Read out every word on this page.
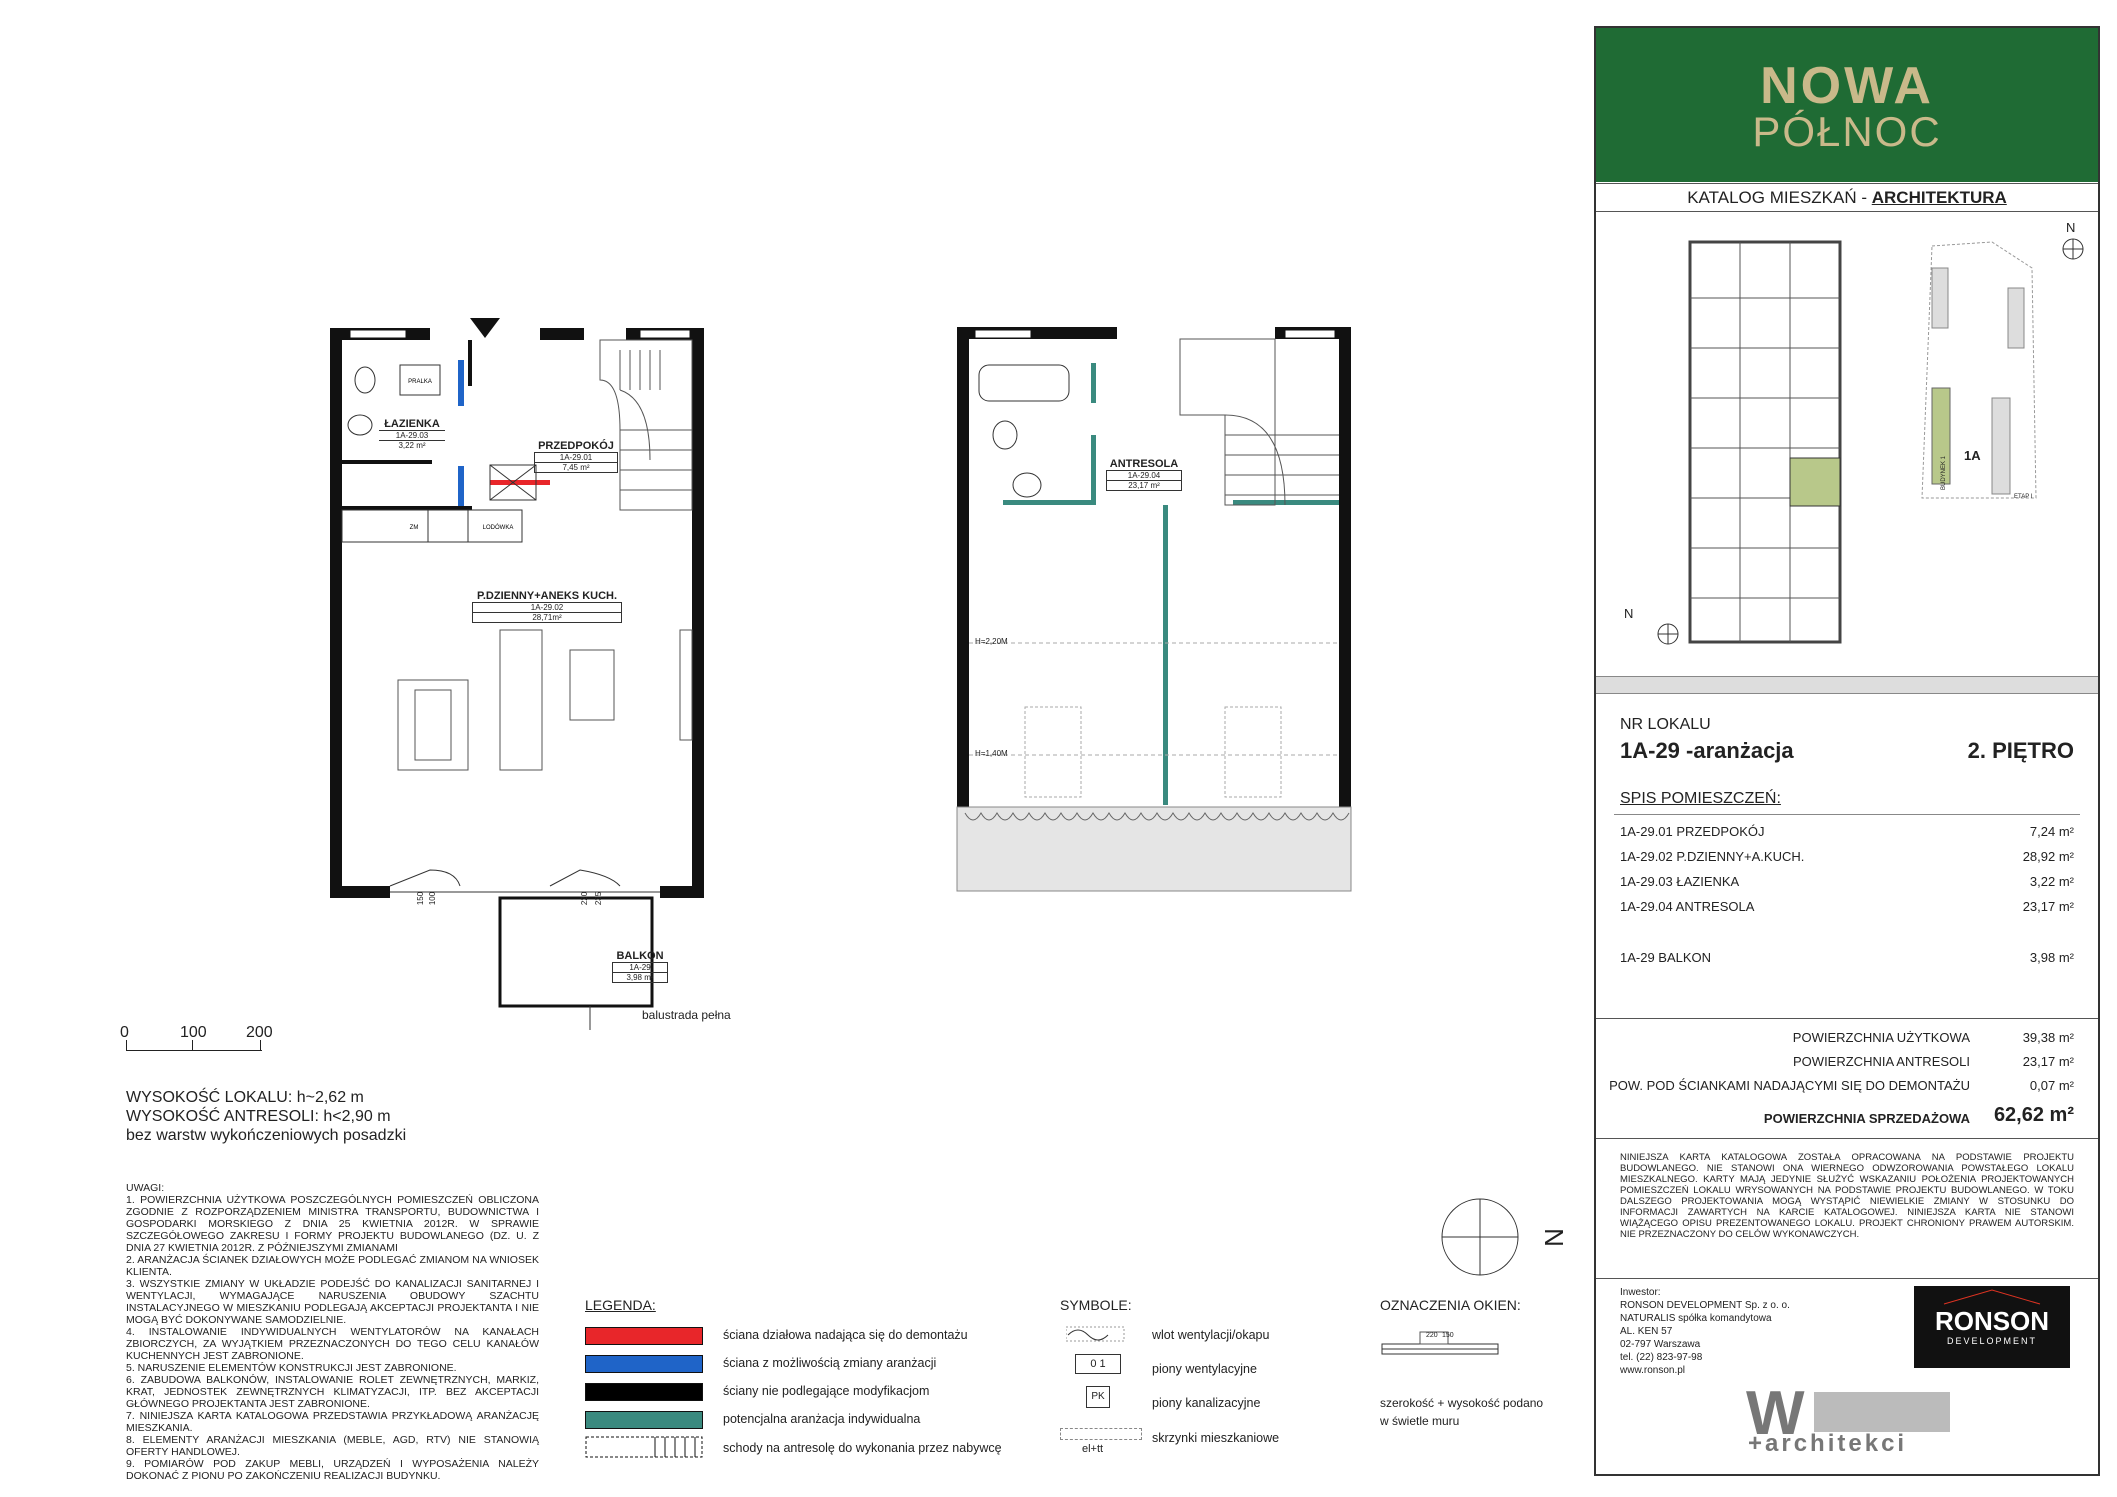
PRALKA
ZM	LODÓWKA
ŁAZIENKA
1A-29.03
3,22 m²	PRZEDPOKÓJ
1A-29.01
7,45 m²
P.DZIENNY+ANEKS KUCH.
1A-29.02
28,71m²
BALKON
1A-29
3,98 m²
150 100	220 235
balustrada pełna
ANTRESOLA
1A-29.04
23,17 m²
H=2,20M
H=1,40M
0	100 200
WYSOKOŚĆ LOKALU: h~2,62 m
WYSOKOŚĆ ANTRESOLI: h<2,90 m
bez warstw wykończeniowych posadzki
UWAGI:
1. POWIERZCHNIA UŻYTKOWA POSZCZEGÓLNYCH POMIESZCZEŃ OBLICZONA ZGODNIE Z ROZPORZĄDZENIEM MINISTRA TRANSPORTU, BUDOWNICTWA I GOSPODARKI MORSKIEGO Z DNIA 25 KWIETNIA 2012R. W SPRAWIE SZCZEGÓŁOWEGO ZAKRESU I FORMY PROJEKTU BUDOWLANEGO (DZ. U. Z DNIA 27 KWIETNIA 2012R. Z PÓŹNIEJSZYMI ZMIANAMI
2. ARANŻACJA ŚCIANEK DZIAŁOWYCH MOŻE PODLEGAĆ ZMIANOM NA WNIOSEK KLIENTA.
3. WSZYSTKIE ZMIANY W UKŁADZIE PODEJŚĆ DO KANALIZACJI SANITARNEJ I WENTYLACJI, WYMAGAJĄCE NARUSZENIA OBUDOWY SZACHTU INSTALACYJNEGO W MIESZKANIU PODLEGAJĄ AKCEPTACJI PROJEKTANTA I NIE MOGĄ BYĆ DOKONYWANE SAMODZIELNIE.
4. INSTALOWANIE INDYWIDUALNYCH WENTYLATORÓW NA KANAŁACH ZBIORCZYCH, ZA WYJĄTKIEM PRZEZNACZONYCH DO TEGO CELU KANAŁÓW KUCHENNYCH JEST ZABRONIONE.
5. NARUSZENIE ELEMENTÓW KONSTRUKCJI JEST ZABRONIONE.
6. ZABUDOWA BALKONÓW, INSTALOWANIE ROLET ZEWNĘTRZNYCH, MARKIZ, KRAT, JEDNOSTEK ZEWNĘTRZNYCH KLIMATYZACJI, ITP. BEZ AKCEPTACJI GŁÓWNEGO PROJEKTANTA JEST ZABRONIONE.
7. NINIEJSZA KARTA KATALOGOWA PRZEDSTAWIA PRZYKŁADOWĄ ARANŻACJĘ MIESZKANIA.
8. ELEMENTY ARANŻACJI MIESZKANIA (MEBLE, AGD, RTV) NIE STANOWIĄ OFERTY HANDLOWEJ.
9. POMIARÓW POD ZAKUP MEBLI, URZĄDZEŃ I WYPOSAŻENIA NALEŻY DOKONAĆ Z PIONU PO ZAKOŃCZENIU REALIZACJI BUDYNKU.
LEGENDA:
ściana działowa nadająca się do demontażu
ściana z możliwością zmiany aranżacji
ściany nie podlegające modyfikacjom
potencjalna aranżacja indywidualna
schody na antresolę do wykonania przez nabywcę
SYMBOLE:
wlot wentylacji/okapu
0 1	piony wentylacyjne
PK	piony kanalizacyjne
el+tt
skrzynki mieszkaniowe
OZNACZENIA OKIEN:
220 150
szerokość + wysokość podano w świetle muru
N
NOWA
PÓŁNOC
KATALOG MIESZKAŃ - ARCHITEKTURA
N
BUDYNEK 1
1A
ETAP I
N
NR LOKALU
1A-29 -aranżacja	2. PIĘTRO
SPIS POMIESZCZEŃ:
1A-29.01 PRZEDPOKÓJ	7,24 m²
1A-29.02 P.DZIENNY+A.KUCH.	28,92 m²
1A-29.03 ŁAZIENKA	3,22 m²
1A-29.04 ANTRESOLA	23,17 m²
1A-29 BALKON	3,98 m²
POWIERZCHNIA UŻYTKOWA	39,38 m²
POWIERZCHNIA ANTRESOLI	23,17 m²
POW. POD ŚCIANKAMI NADAJĄCYMI SIĘ DO DEMONTAŻU	0,07 m²
POWIERZCHNIA SPRZEDAŻOWA 62,62 m²
NINIEJSZA KARTA KATALOGOWA ZOSTAŁA OPRACOWANA NA PODSTAWIE PROJEKTU BUDOWLANEGO. NIE STANOWI ONA WIERNEGO ODWZOROWANIA POWSTAŁEGO LOKALU MIESZKALNEGO. KARTY MAJĄ JEDYNIE SŁUŻYĆ WSKAZANIU POŁOŻENIA PROJEKTOWANYCH POMIESZCZEŃ LOKALU WRYSOWANYCH NA PODSTAWIE PROJEKTU BUDOWLANEGO. W TOKU DALSZEGO PROJEKTOWANIA MOGĄ WYSTĄPIĆ NIEWIELKIE ZMIANY W STOSUNKU DO INFORMACJI ZAWARTYCH NA KARCIE KATALOGOWEJ. NINIEJSZA KARTA NIE STANOWI WIĄŻĄCEGO OPISU PREZENTOWANEGO LOKALU. PROJEKT CHRONIONY PRAWEM AUTORSKIM. NIE PRZEZNACZONY DO CELÓW WYKONAWCZYCH.
Inwestor:
RONSON DEVELOPMENT Sp. z o. o.
NATURALIS spółka komandytowa
AL. KEN 57
02-797 Warszawa
tel. (22) 823-97-98
www.ronson.pl
RONSON
DEVELOPMENT
W
+architekci
